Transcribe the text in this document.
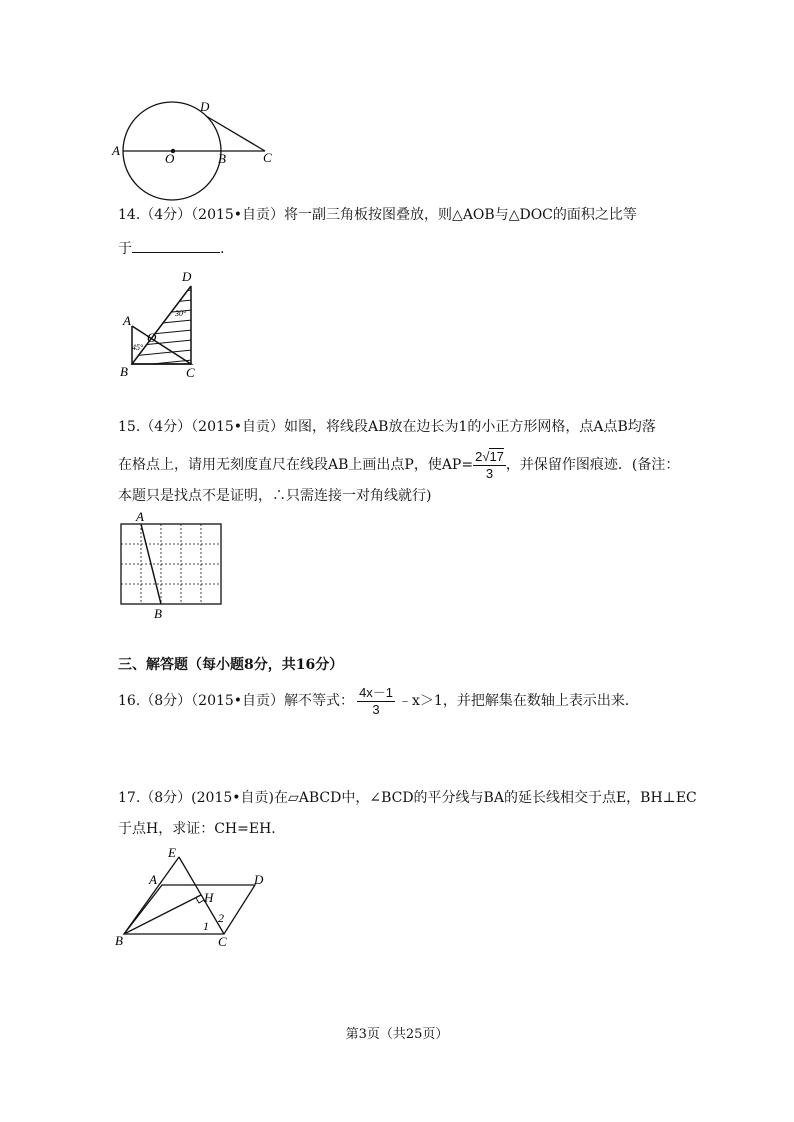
A
O	B
D
C
14.（4分）（2015•自贡）将一副三角板按图叠放，则△AOB与△DOC的面积之比等
于	.
D
A
O
B	C
45°
30°
15.（4分）（2015•自贡）如图，将线段AB放在边长为1的小正方形网格，点A点B均落
在格点上，请用无刻度直尺在线段AB上画出点P，使$AP= \frac{2√17}{3}$ ，并保留作图痕迹．(备注：
本题只是找点不是证明，∴只需连接一对角线就行)
A
B
三、解答题（每小题8分，共16分）
16.（8分）（2015•自贡）解不等式： $\frac{4x-1}{3}$ ﹣x＞1，并把解集在数轴上表示出来．
17.（8分）(2015•自贡)在▱ABCD中，∠BCD的平分线与BA的延长线相交于点E，BH⊥EC
于点H，求证：CH=EH.
E
A	D
H
B	C
1
2
第3页（共25页）
